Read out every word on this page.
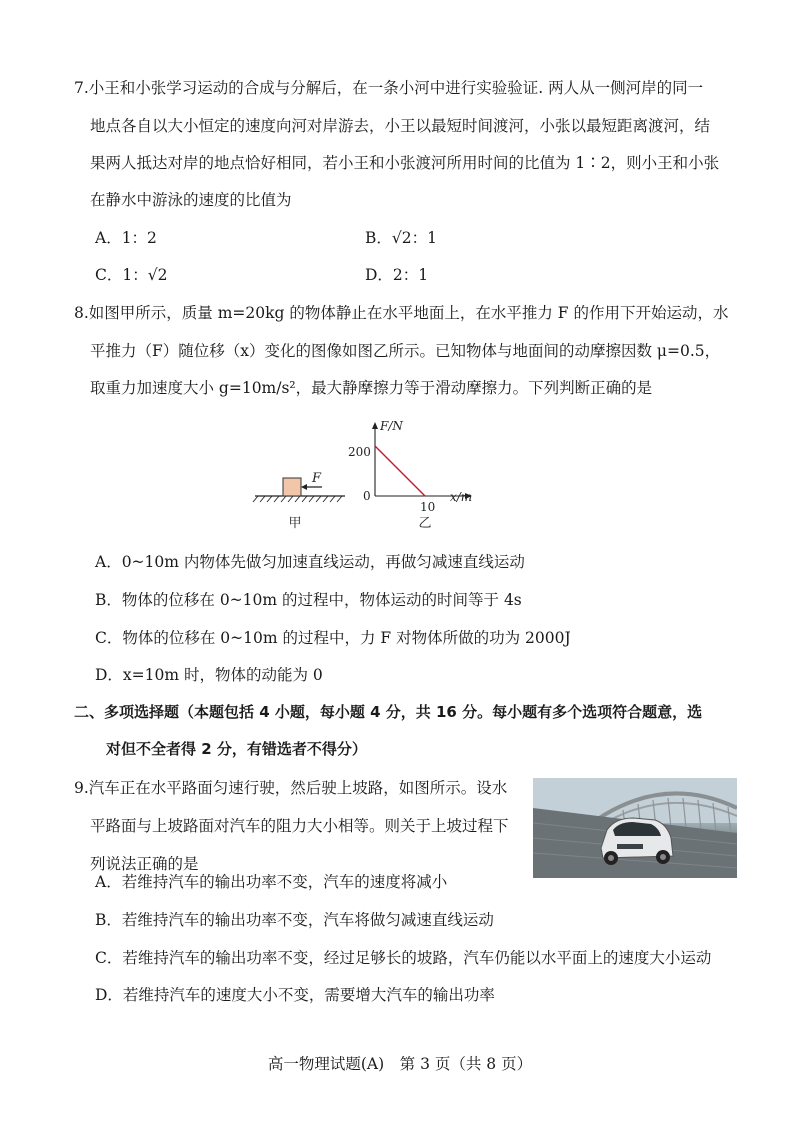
7.小王和小张学习运动的合成与分解后，在一条小河中进行实验验证. 两人从一侧河岸的同一
地点各自以大小恒定的速度向河对岸游去，小王以最短时间渡河，小张以最短距离渡河，结
果两人抵达对岸的地点恰好相同，若小王和小张渡河所用时间的比值为 1∶2，则小王和小张
在静水中游泳的速度的比值为
A．1：2	B．√2：1
C．1：√2	D．2：1
8.如图甲所示，质量 m=20kg 的物体静止在水平地面上，在水平推力 F 的作用下开始运动，水
平推力（F）随位移（x）变化的图像如图乙所示。已知物体与地面间的动摩擦因数 μ=0.5，
取重力加速度大小 g=10m/s²，最大静摩擦力等于滑动摩擦力。下列判断正确的是
F
甲
F/N
x/m
0
200
10
乙
A．0~10m 内物体先做匀加速直线运动，再做匀减速直线运动
B．物体的位移在 0~10m 的过程中，物体运动的时间等于 4s
C．物体的位移在 0~10m 的过程中，力 F 对物体所做的功为 2000J
D．x=10m 时，物体的动能为 0
二、多项选择题（本题包括 4 小题，每小题 4 分，共 16 分。每小题有多个选项符合题意，选
对但不全者得 2 分，有错选者不得分）
9.汽车正在水平路面匀速行驶，然后驶上坡路，如图所示。设水
平路面与上坡路面对汽车的阻力大小相等。则关于上坡过程下
列说法正确的是
A．若维持汽车的输出功率不变，汽车的速度将减小
B．若维持汽车的输出功率不变，汽车将做匀减速直线运动
C．若维持汽车的输出功率不变，经过足够长的坡路，汽车仍能以水平面上的速度大小运动
D．若维持汽车的速度大小不变，需要增大汽车的输出功率
高一物理试题(A)　第 3 页（共 8 页）
